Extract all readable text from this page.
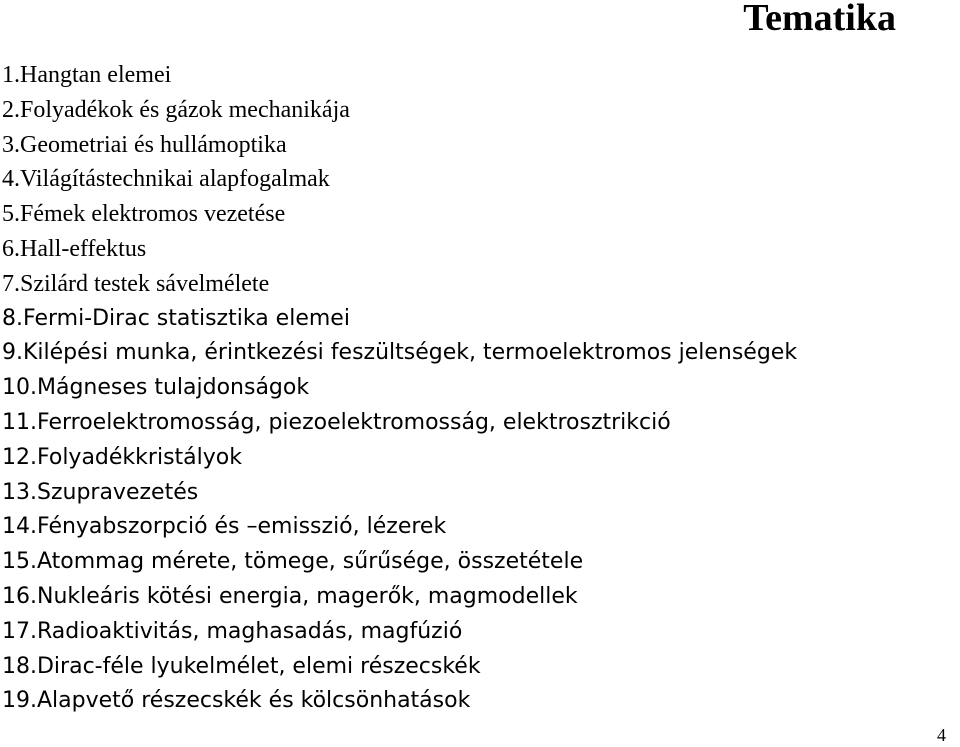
Tematika
1.Hangtan elemei
2.Folyadékok és gázok mechanikája
3.Geometriai és hullámoptika
4.Világítástechnikai alapfogalmak
5.Fémek elektromos vezetése
6.Hall-effektus
7.Szilárd testek sávelmélete
8.Fermi-Dirac statisztika elemei
9.Kilépési munka, érintkezési feszültségek, termoelektromos jelenségek
10.Mágneses tulajdonságok
11.Ferroelektromosság, piezoelektromosság, elektrosztrikció
12.Folyadékkristályok
13.Szupravezetés
14.Fényabszorpció és –emisszió, lézerek
15.Atommag mérete, tömege, sűrűsége, összetétele
16.Nukleáris kötési energia, magerők, magmodellek
17.Radioaktivitás, maghasadás, magfúzió
18.Dirac-féle lyukelmélet, elemi részecskék
19.Alapvető részecskék és kölcsönhatások
4
